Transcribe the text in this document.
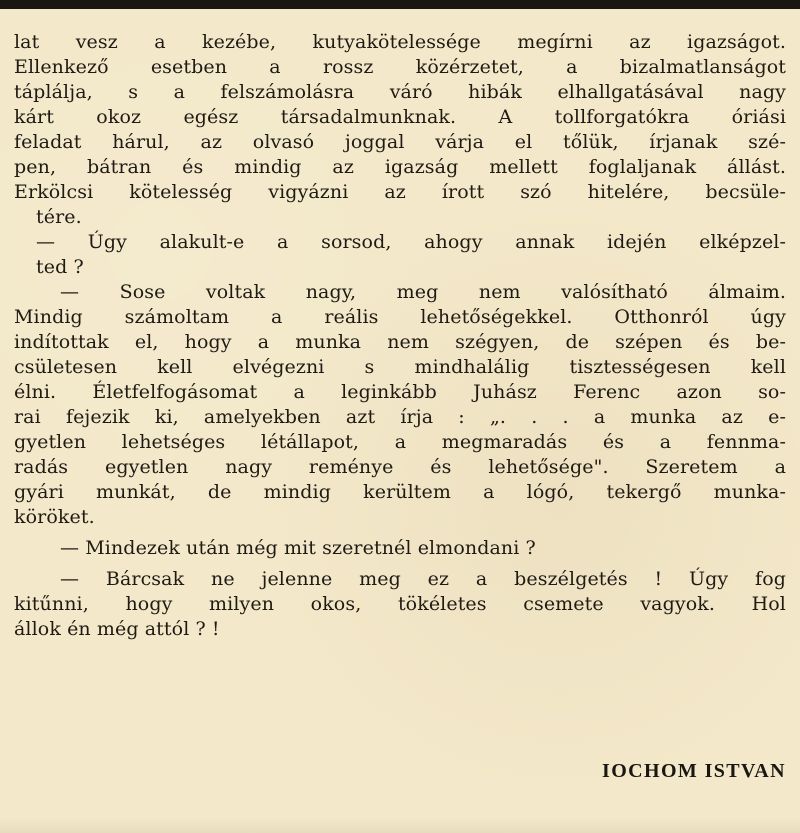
lat vesz a kezébe, kutyakötelessége megírni az igazságot.
Ellenkező esetben a rossz közérzetet, a bizalmatlanságot
táplálja, s a felszámolásra váró hibák elhallgatásával nagy
kárt okoz egész társadalmunknak. A tollforgatókra óriási
feladat hárul, az olvasó joggal várja el tőlük, írjanak szé-
pen, bátran és mindig az igazság mellett foglaljanak állást.
Erkölcsi kötelesség vigyázni az írott szó hitelére, becsüle-
tére.
— Úgy alakult-e a sorsod, ahogy annak idején elképzel-
ted ?
— Sose voltak nagy, meg nem valósítható álmaim.
Mindig számoltam a reális lehetőségekkel. Otthonról úgy
indítottak el, hogy a munka nem szégyen, de szépen és be-
csületesen kell elvégezni s mindhalálig tisztességesen kell
élni. Életfelfogásomat a leginkább Juhász Ferenc azon so-
rai fejezik ki, amelyekben azt írja : „. . . a munka az e-
gyetlen lehetséges létállapot, a megmaradás és a fennma-
radás egyetlen nagy reménye és lehetősége". Szeretem a
gyári munkát, de mindig kerültem a lógó, tekergő munka-
köröket.
— Mindezek után még mit szeretnél elmondani ?
— Bárcsak ne jelenne meg ez a beszélgetés ! Úgy fog
kitűnni, hogy milyen okos, tökéletes csemete vagyok. Hol
állok én még attól ? !
IOCHOM ISTVAN
